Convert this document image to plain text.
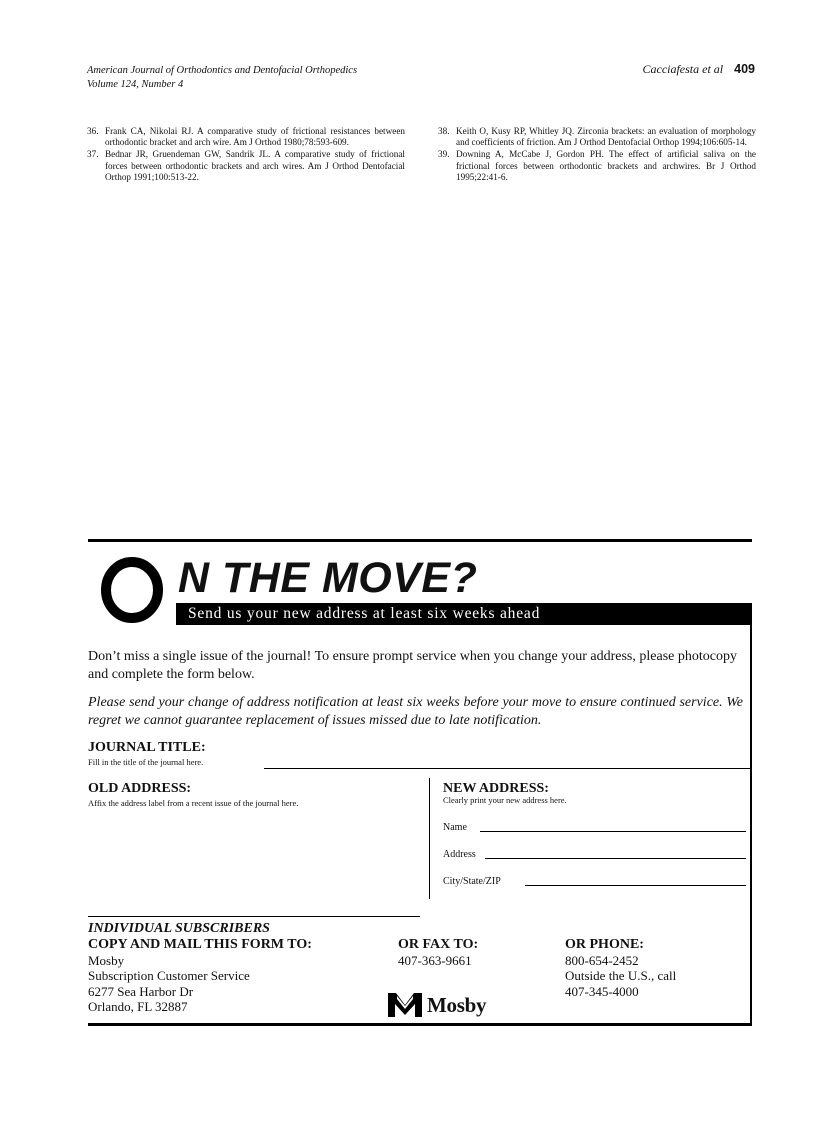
American Journal of Orthodontics and Dentofacial Orthopedics
Volume 124, Number 4
Cacciafesta et al 409
36. Frank CA, Nikolai RJ. A comparative study of frictional resistances between orthodontic bracket and arch wire. Am J Orthod 1980;78:593-609.
37. Bednar JR, Gruendeman GW, Sandrik JL. A comparative study of frictional forces between orthodontic brackets and arch wires. Am J Orthod Dentofacial Orthop 1991;100:513-22.
38. Keith O, Kusy RP, Whitley JQ. Zirconia brackets: an evaluation of morphology and coefficients of friction. Am J Orthod Dentofacial Orthop 1994;106:605-14.
39. Downing A, McCabe J, Gordon PH. The effect of artificial saliva on the frictional forces between orthodontic brackets and archwires. Br J Orthod 1995;22:41-6.
N THE MOVE?
Send us your new address at least six weeks ahead
Don’t miss a single issue of the journal! To ensure prompt service when you change your address, please photocopy and complete the form below.
Please send your change of address notification at least six weeks before your move to ensure continued service. We regret we cannot guarantee replacement of issues missed due to late notification.
JOURNAL TITLE:
Fill in the title of the journal here.
OLD ADDRESS:
Affix the address label from a recent issue of the journal here.
NEW ADDRESS:
Clearly print your new address here.
Name
Address
City/State/ZIP
INDIVIDUAL SUBSCRIBERS
COPY AND MAIL THIS FORM TO:
Mosby
Subscription Customer Service
6277 Sea Harbor Dr
Orlando, FL 32887
OR FAX TO:
407-363-9661
OR PHONE:
800-654-2452
Outside the U.S., call
407-345-4000
Mosby
